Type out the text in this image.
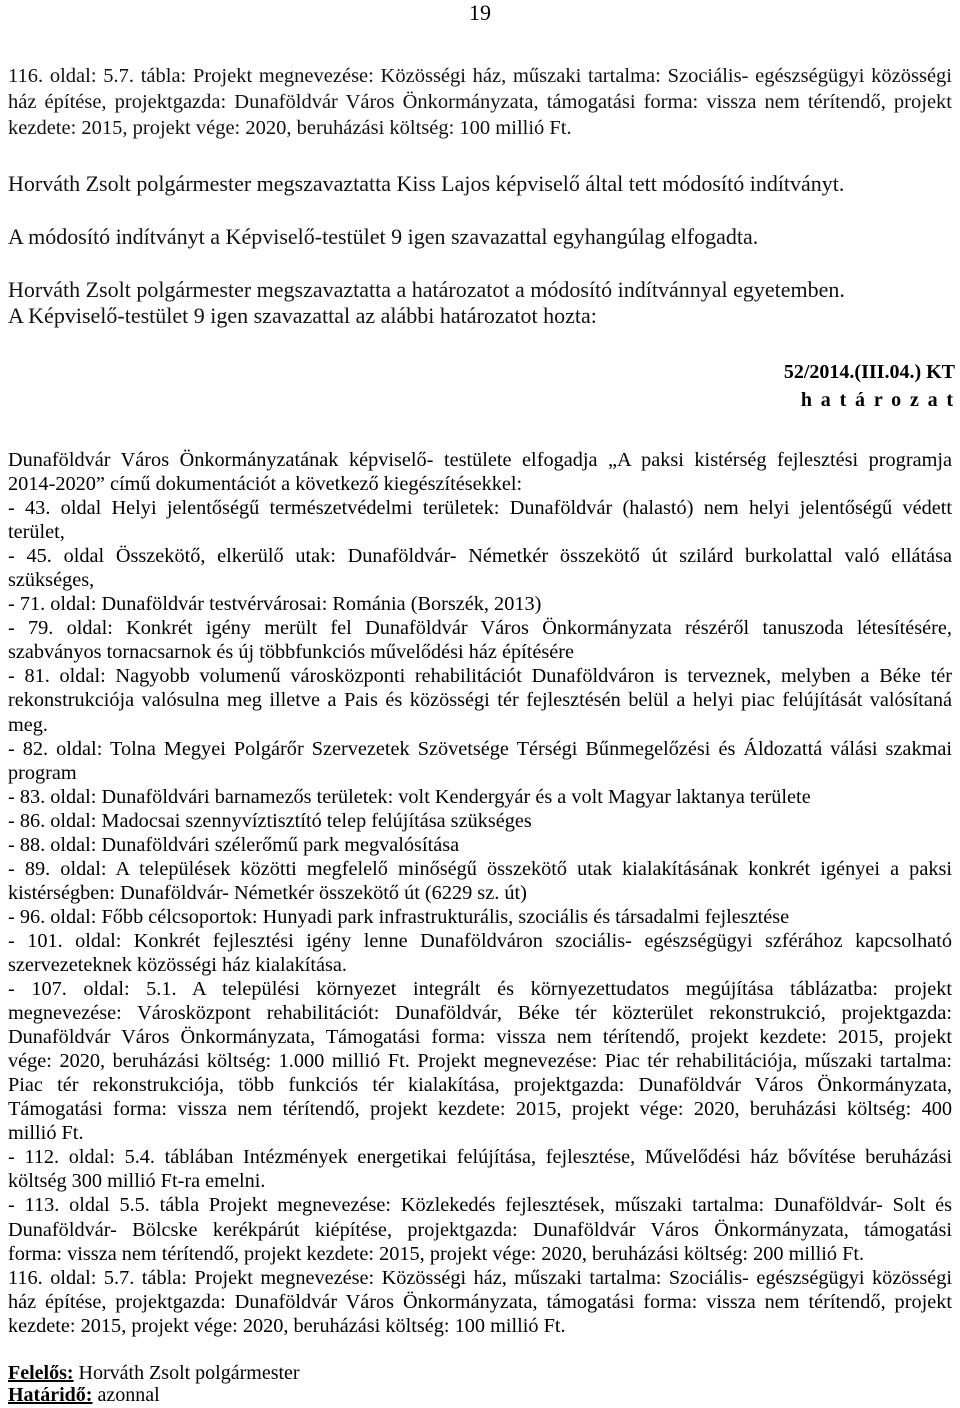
19
116. oldal: 5.7. tábla: Projekt megnevezése: Közösségi ház, műszaki tartalma: Szociális- egészségügyi közösségi
ház építése, projektgazda: Dunaföldvár Város Önkormányzata, támogatási forma: vissza nem térítendő, projekt
kezdete: 2015, projekt vége: 2020, beruházási költség: 100 millió Ft.
Horváth Zsolt polgármester megszavaztatta Kiss Lajos képviselő által tett módosító indítványt.
A módosító indítványt a Képviselő-testület 9 igen szavazattal egyhangúlag elfogadta.
Horváth Zsolt polgármester megszavaztatta a határozatot a módosító indítvánnyal egyetemben.
A Képviselő-testület 9 igen szavazattal az alábbi határozatot hozta:
52/2014.(III.04.) KT
h a t á r o z a t
Dunaföldvár Város Önkormányzatának képviselő- testülete elfogadja „A paksi kistérség fejlesztési programja
2014-2020” című dokumentációt a következő kiegészítésekkel:
- 43. oldal Helyi jelentőségű természetvédelmi területek: Dunaföldvár (halastó) nem helyi jelentőségű védett
terület,
- 45. oldal Összekötő, elkerülő utak: Dunaföldvár- Németkér összekötő út szilárd burkolattal való ellátása
szükséges,
- 71. oldal: Dunaföldvár testvérvárosai: Románia (Borszék, 2013)
- 79. oldal: Konkrét igény merült fel Dunaföldvár Város Önkormányzata részéről tanuszoda létesítésére,
szabványos tornacsarnok és új többfunkciós művelődési ház építésére
- 81. oldal: Nagyobb volumenű városközponti rehabilitációt Dunaföldváron is terveznek, melyben a Béke tér
rekonstrukciója valósulna meg illetve a Pais és közösségi tér fejlesztésén belül a helyi piac felújítását valósítaná
meg.
- 82. oldal: Tolna Megyei Polgárőr Szervezetek Szövetsége Térségi Bűnmegelőzési és Áldozattá válási szakmai
program
- 83. oldal: Dunaföldvári barnamezős területek: volt Kendergyár és a volt Magyar laktanya területe
- 86. oldal: Madocsai szennyvíztisztító telep felújítása szükséges
- 88. oldal: Dunaföldvári szélerőmű park megvalósítása
- 89. oldal: A települések közötti megfelelő minőségű összekötő utak kialakításának konkrét igényei a paksi
kistérségben: Dunaföldvár- Németkér összekötő út (6229 sz. út)
- 96. oldal: Főbb célcsoportok: Hunyadi park infrastrukturális, szociális és társadalmi fejlesztése
- 101. oldal: Konkrét fejlesztési igény lenne Dunaföldváron szociális- egészségügyi szférához kapcsolható
szervezeteknek közösségi ház kialakítása.
- 107. oldal: 5.1. A települési környezet integrált és környezettudatos megújítása táblázatba: projekt
megnevezése: Városközpont rehabilitációt: Dunaföldvár, Béke tér közterület rekonstrukció, projektgazda:
Dunaföldvár Város Önkormányzata, Támogatási forma: vissza nem térítendő, projekt kezdete: 2015, projekt
vége: 2020, beruházási költség: 1.000 millió Ft. Projekt megnevezése: Piac tér rehabilitációja, műszaki tartalma:
Piac tér rekonstrukciója, több funkciós tér kialakítása, projektgazda: Dunaföldvár Város Önkormányzata,
Támogatási forma: vissza nem térítendő, projekt kezdete: 2015, projekt vége: 2020, beruházási költség: 400
millió Ft.
- 112. oldal: 5.4. táblában Intézmények energetikai felújítása, fejlesztése, Művelődési ház bővítése beruházási
költség 300 millió Ft-ra emelni.
- 113. oldal 5.5. tábla Projekt megnevezése: Közlekedés fejlesztések, műszaki tartalma: Dunaföldvár- Solt és
Dunaföldvár- Bölcske kerékpárút kiépítése, projektgazda: Dunaföldvár Város Önkormányzata, támogatási
forma: vissza nem térítendő, projekt kezdete: 2015, projekt vége: 2020, beruházási költség: 200 millió Ft.
116. oldal: 5.7. tábla: Projekt megnevezése: Közösségi ház, műszaki tartalma: Szociális- egészségügyi közösségi
ház építése, projektgazda: Dunaföldvár Város Önkormányzata, támogatási forma: vissza nem térítendő, projekt
kezdete: 2015, projekt vége: 2020, beruházási költség: 100 millió Ft.
Felelős: Horváth Zsolt polgármester
Határidő: azonnal
